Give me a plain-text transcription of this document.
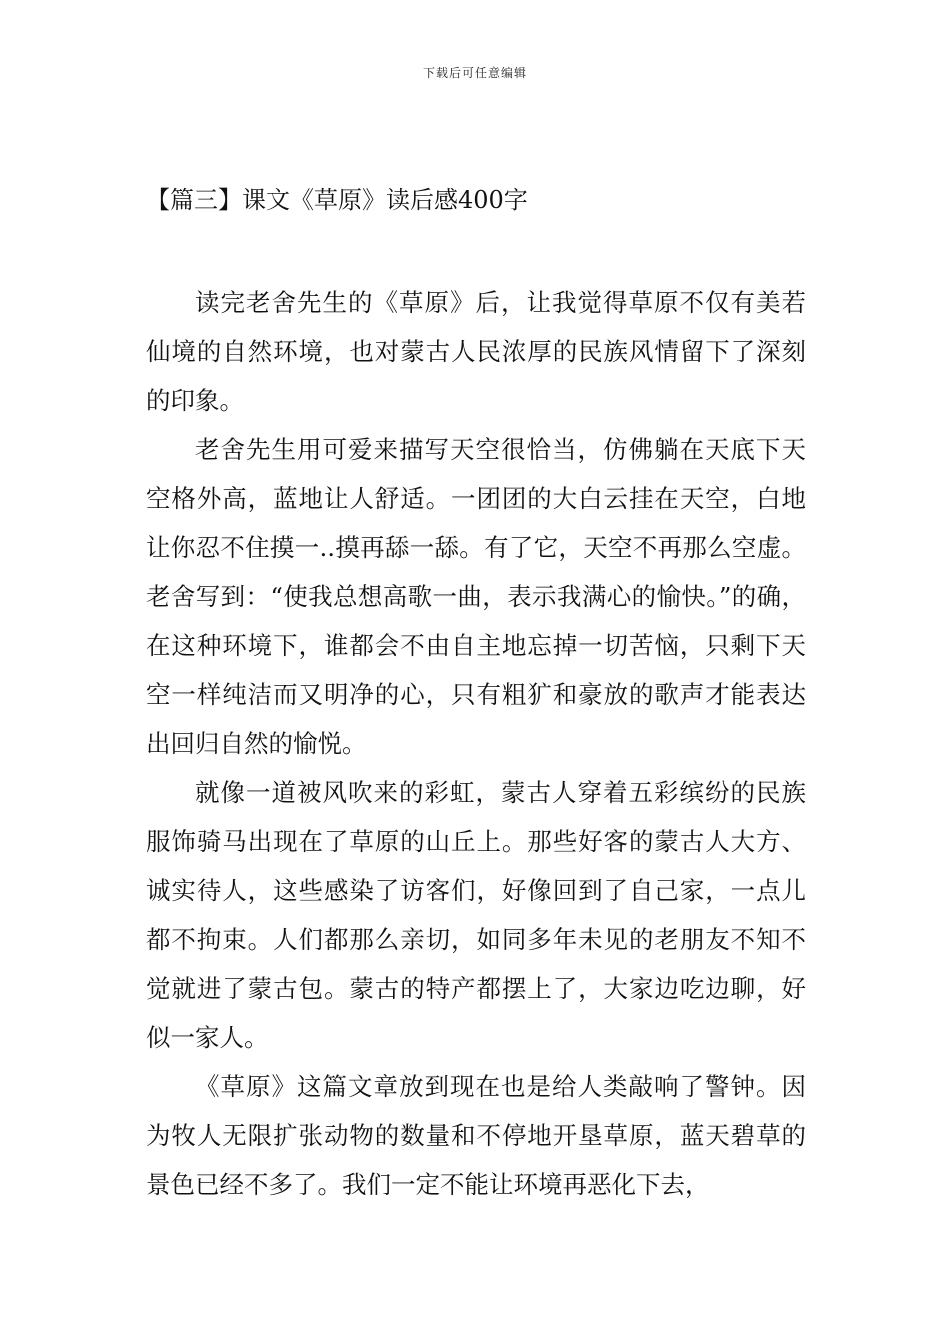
下载后可任意编辑
【篇三】课文《草原》读后感400字

读完老舍先生的《草原》后，让我觉得草原不仅有美若仙境的自然环境，也对蒙古人民浓厚的民族风情留下了深刻的印象。

老舍先生用可爱来描写天空很恰当，仿佛躺在天底下天空格外高，蓝地让人舒适。一团团的大白云挂在天空，白地让你忍不住摸一..摸再舔一舔。有了它，天空不再那么空虚。老舍写到：“使我总想高歌一曲，表示我满心的愉快。”的确，在这种环境下，谁都会不由自主地忘掉一切苦恼，只剩下天空一样纯洁而又明净的心，只有粗犷和豪放的歌声才能表达出回归自然的愉悦。

就像一道被风吹来的彩虹，蒙古人穿着五彩缤纷的民族服饰骑马出现在了草原的山丘上。那些好客的蒙古人大方、诚实待人，这些感染了访客们，好像回到了自己家，一点儿都不拘束。人们都那么亲切，如同多年未见的老朋友不知不觉就进了蒙古包。蒙古的特产都摆上了，大家边吃边聊，好似一家人。

《草原》这篇文章放到现在也是给人类敲响了警钟。因为牧人无限扩张动物的数量和不停地开垦草原，蓝天碧草的景色已经不多了。我们一定不能让环境再恶化下去，
